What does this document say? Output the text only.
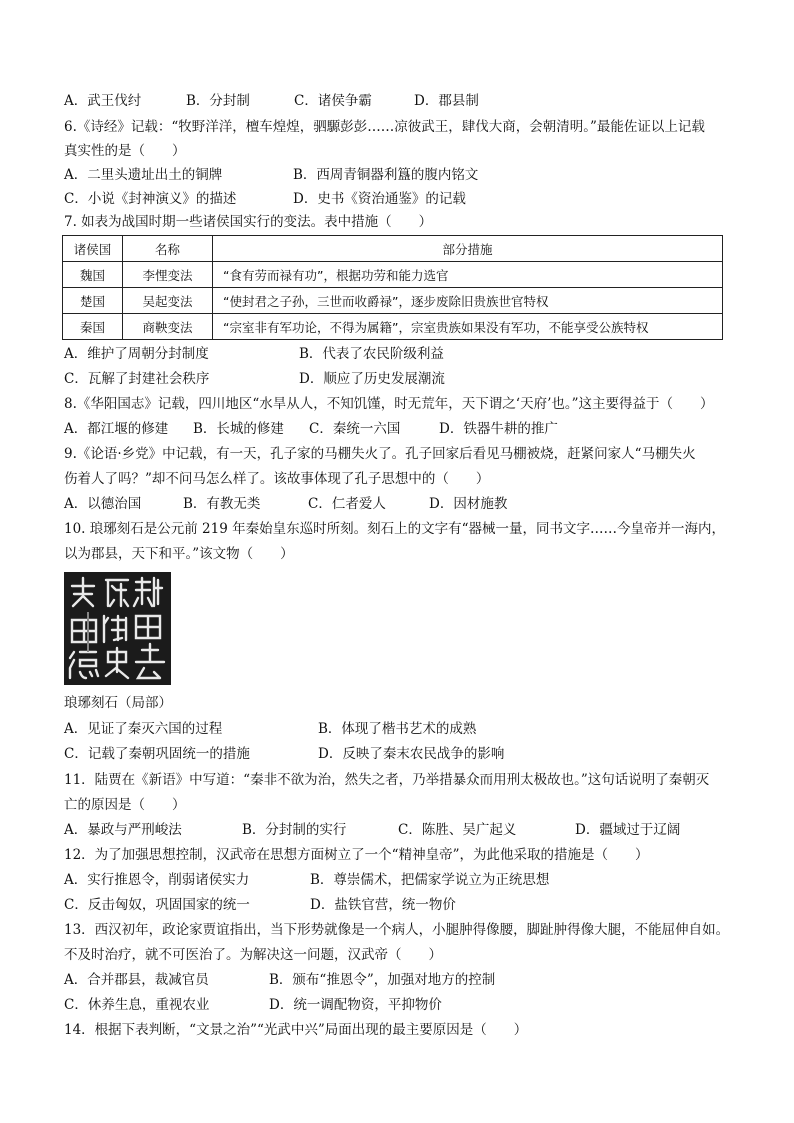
A．武王伐纣	B．分封制	C．诸侯争霸	D．郡县制
6.《诗经》记载：“牧野洋洋，檀车煌煌，驷騵彭彭……凉彼武王，肆伐大商，会朝清明。”最能佐证以上记载
真实性的是（　　）
A．二里头遗址出土的铜牌	B．西周青铜器利簋的腹内铭文
C．小说《封神演义》的描述	D．史书《资治通鉴》的记载
7. 如表为战国时期一些诸侯国实行的变法。表中措施（　　）
诸侯国	名称	部分措施
魏国	李悝变法	“食有劳而禄有功”，根据功劳和能力选官
楚国	吴起变法	“使封君之子孙，三世而收爵禄”，逐步废除旧贵族世官特权
秦国	商鞅变法	“宗室非有军功论，不得为属籍”，宗室贵族如果没有军功，不能享受公族特权
A．维护了周朝分封制度	B．代表了农民阶级利益
C．瓦解了封建社会秩序	D．顺应了历史发展潮流
8.《华阳国志》记载，四川地区“水旱从人，不知饥馑，时无荒年，天下谓之‘天府’也。”这主要得益于（　　）
A．都江堰的修建 B．长城的修建 C．秦统一六国	D．铁器牛耕的推广
9.《论语·乡党》中记载，有一天，孔子家的马棚失火了。孔子回家后看见马棚被烧，赶紧问家人“马棚失火
伤着人了吗？”却不问马怎么样了。该故事体现了孔子思想中的（　　）
A．以德治国	B．有教无类	C．仁者爱人	D．因材施教
10. 琅琊刻石是公元前 219 年秦始皇东巡时所刻。刻石上的文字有“器械一量，同书文字……今皇帝并一海内，
以为郡县，天下和平。”该文物（　　）
琅琊刻石（局部）
A．见证了秦灭六国的过程	B．体现了楷书艺术的成熟
C．记载了秦朝巩固统一的措施	D．反映了秦末农民战争的影响
11．陆贾在《新语》中写道：“秦非不欲为治，然失之者，乃举措暴众而用刑太极故也。”这句话说明了秦朝灭
亡的原因是（　　）
A．暴政与严刑峻法	B．分封制的实行	C．陈胜、吴广起义	D．疆域过于辽阔
12．为了加强思想控制，汉武帝在思想方面树立了一个“精神皇帝”，为此他采取的措施是（　　）
A．实行推恩令，削弱诸侯实力	B．尊崇儒术，把儒家学说立为正统思想
C．反击匈奴，巩固国家的统一	D．盐铁官营，统一物价
13．西汉初年，政论家贾谊指出，当下形势就像是一个病人，小腿肿得像腰，脚趾肿得像大腿，不能屈伸自如。
不及时治疗，就不可医治了。为解决这一问题，汉武帝（　　）
A．合并郡县，裁减官员	B．颁布“推恩令”，加强对地方的控制
C．休养生息，重视农业	D．统一调配物资，平抑物价
14．根据下表判断，“文景之治”“光武中兴”局面出现的最主要原因是（　　）
